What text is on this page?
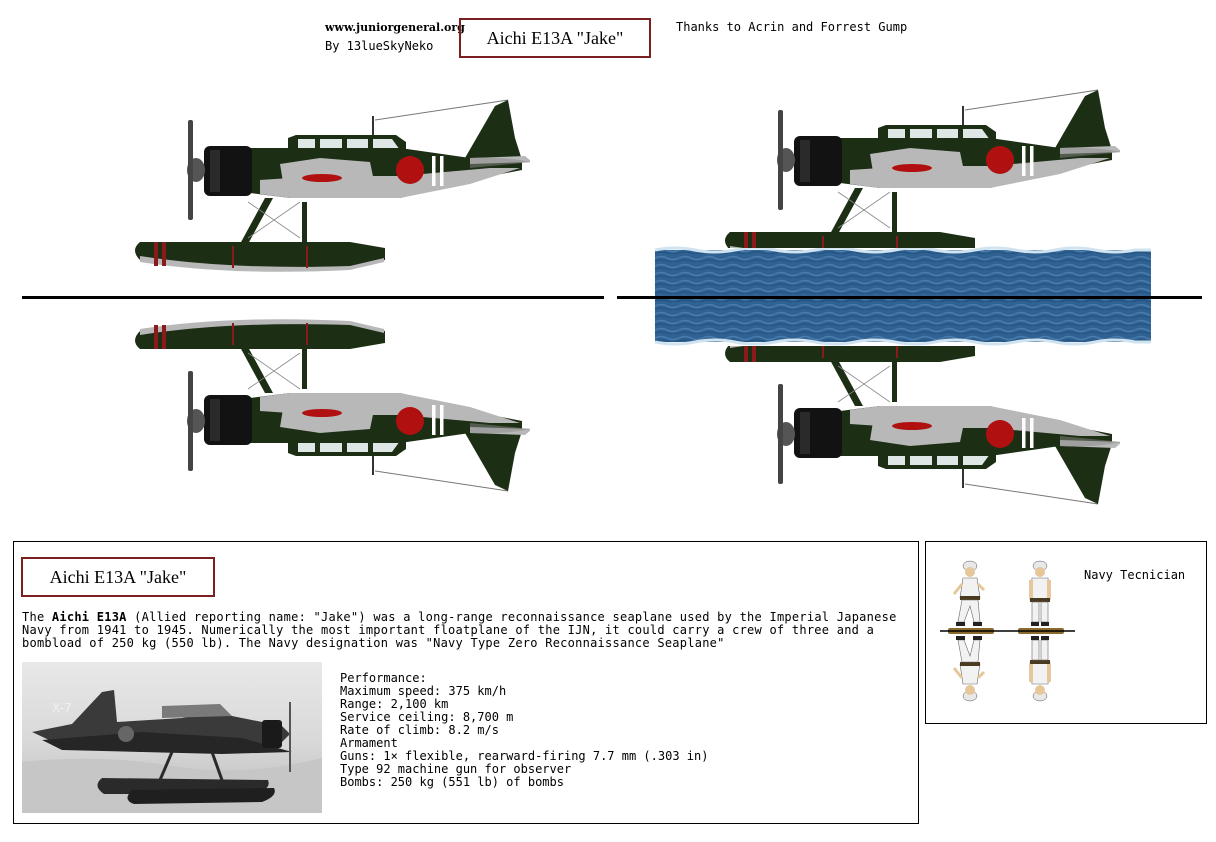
www.juniorgeneral.org
By 13lueSkyNeko	Aichi E13A "Jake"
Thanks to Acrin and Forrest Gump
Aichi E13A "Jake"
The Aichi E13A (Allied reporting name: "Jake") was a long-range reconnaissance seaplane used by the Imperial Japanese Navy from 1941 to 1945. Numerically the most important floatplane of the IJN, it could carry a crew of three and a bombload of 250 kg (550 lb). The Navy designation was "Navy Type Zero Reconnaissance Seaplane"
X-7
Performance:
Maximum speed: 375 km/h
Range: 2,100 km
Service ceiling: 8,700 m
Rate of climb: 8.2 m/s
Armament
Guns: 1× flexible, rearward-firing 7.7 mm (.303 in)
Type 92 machine gun for observer
Bombs: 250 kg (551 lb) of bombs
Navy Tecnician
